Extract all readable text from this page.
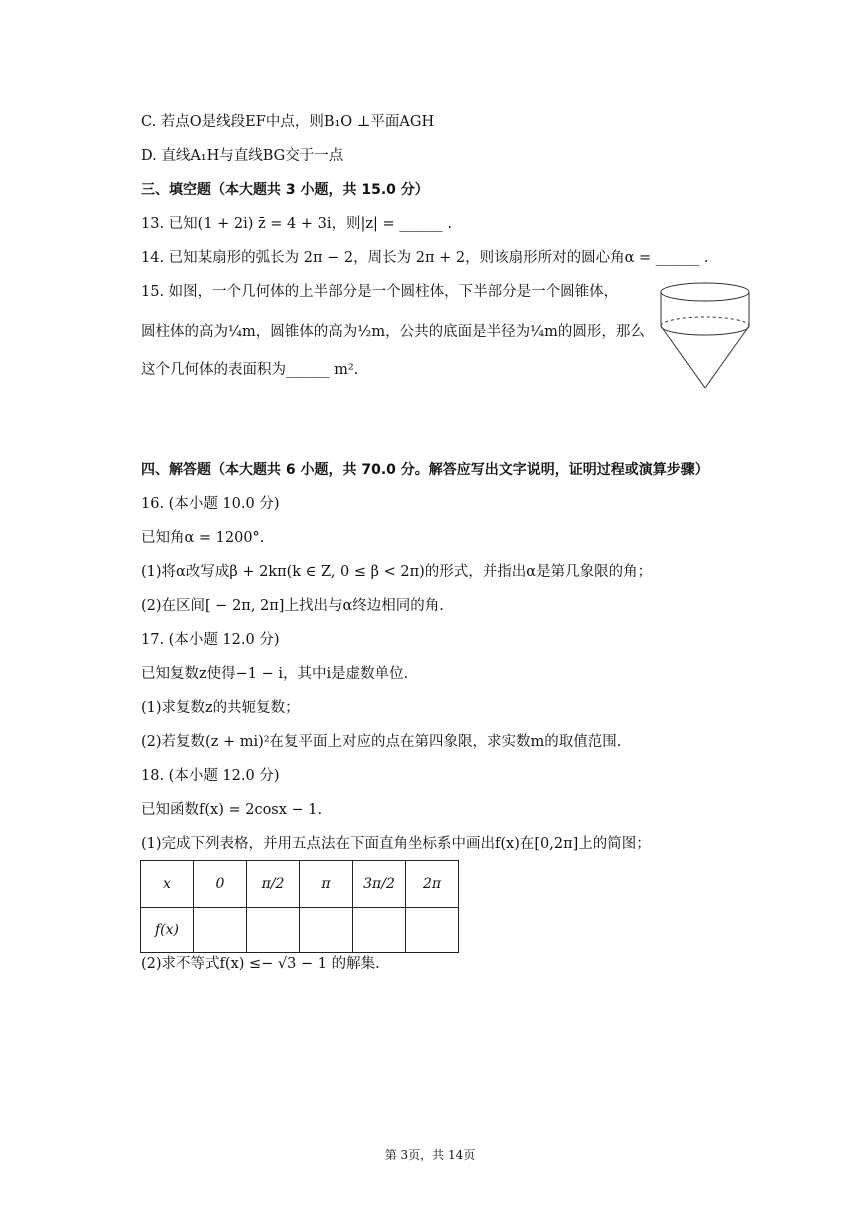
C. 若点O是线段EF中点，则B₁O ⊥平面AGH
D. 直线A₁H与直线BG交于一点
三、填空题（本大题共 3 小题，共 15.0 分）
13. 已知(1 + 2i) z̄ = 4 + 3i，则|z| = ______ .
14. 已知某扇形的弧长为 2π − 2，周长为 2π + 2，则该扇形所对的圆心角α = ______ .
15. 如图，一个几何体的上半部分是一个圆柱体，下半部分是一个圆锥体，
圆柱体的高为¼m，圆锥体的高为½m，公共的底面是半径为¼m的圆形，那么
这个几何体的表面积为______ m².
四、解答题（本大题共 6 小题，共 70.0 分。解答应写出文字说明，证明过程或演算步骤）
16. (本小题 10.0 分)
已知角α = 1200°.
(1)将α改写成β + 2kπ(k ∈ Z, 0 ≤ β < 2π)的形式，并指出α是第几象限的角；
(2)在区间[ − 2π, 2π]上找出与α终边相同的角.
17. (本小题 12.0 分)
已知复数z使得−1 − i，其中i是虚数单位.
(1)求复数z的共轭复数；
(2)若复数(z + mi)²在复平面上对应的点在第四象限，求实数m的取值范围.
18. (本小题 12.0 分)
已知函数f(x) = 2cosx − 1.
(1)完成下列表格，并用五点法在下面直角坐标系中画出f(x)在[0,2π]上的简图；
x	0	π/2	π	3π/2	2π
f(x)					
(2)求不等式f(x) ≤− √3 − 1 的解集.
第 3页，共 14页
